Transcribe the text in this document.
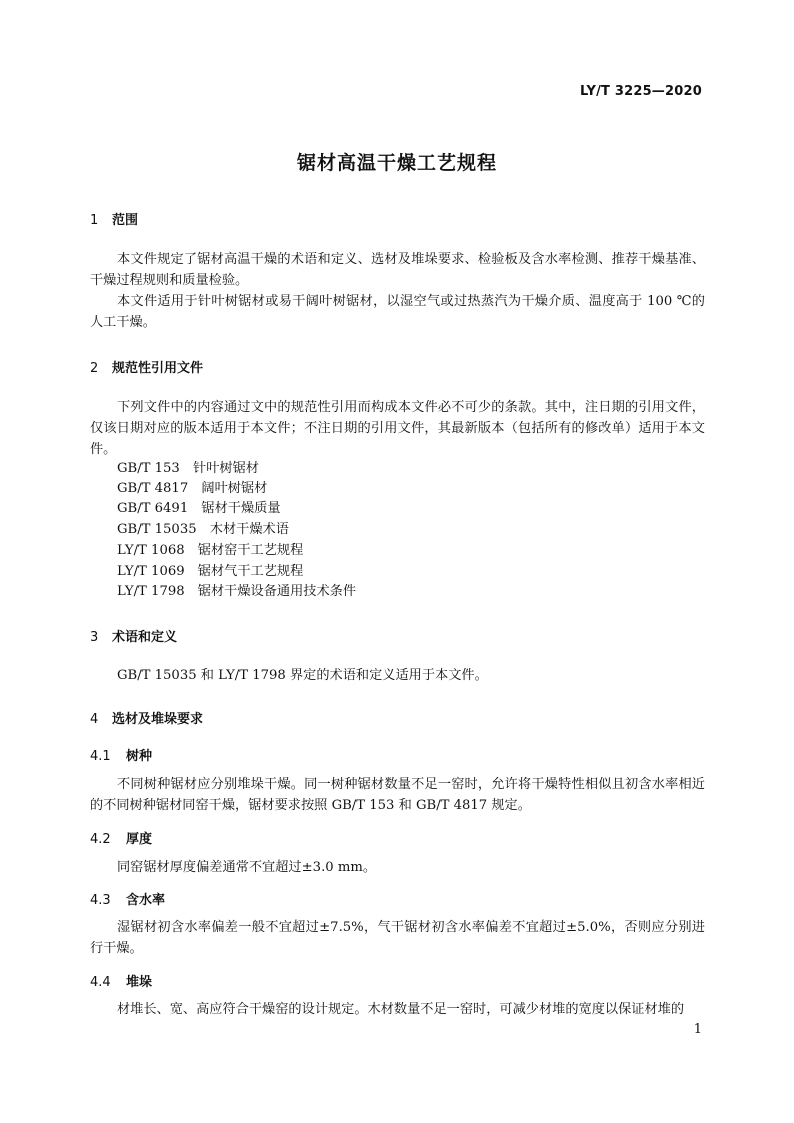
LY/T 3225—2020
锯材高温干燥工艺规程
1 范围
本文件规定了锯材高温干燥的术语和定义、选材及堆垛要求、检验板及含水率检测、推荐干燥基准、干燥过程规则和质量检验。
本文件适用于针叶树锯材或易干阔叶树锯材，以湿空气或过热蒸汽为干燥介质、温度高于 100 ℃的人工干燥。
2 规范性引用文件
下列文件中的内容通过文中的规范性引用而构成本文件必不可少的条款。其中，注日期的引用文件，仅该日期对应的版本适用于本文件；不注日期的引用文件，其最新版本（包括所有的修改单）适用于本文件。
GB/T 153　针叶树锯材
GB/T 4817　阔叶树锯材
GB/T 6491　锯材干燥质量
GB/T 15035　木材干燥术语
LY/T 1068　锯材窑干工艺规程
LY/T 1069　锯材气干工艺规程
LY/T 1798　锯材干燥设备通用技术条件
3 术语和定义
GB/T 15035 和 LY/T 1798 界定的术语和定义适用于本文件。
4 选材及堆垛要求
4.1 树种
不同树种锯材应分别堆垛干燥。同一树种锯材数量不足一窑时，允许将干燥特性相似且初含水率相近的不同树种锯材同窑干燥，锯材要求按照 GB/T 153 和 GB/T 4817 规定。
4.2 厚度
同窑锯材厚度偏差通常不宜超过±3.0 mm。
4.3 含水率
湿锯材初含水率偏差一般不宜超过±7.5%，气干锯材初含水率偏差不宜超过±5.0%，否则应分别进行干燥。
4.4 堆垛
材堆长、宽、高应符合干燥窑的设计规定。木材数量不足一窑时，可减少材堆的宽度以保证材堆的
1
